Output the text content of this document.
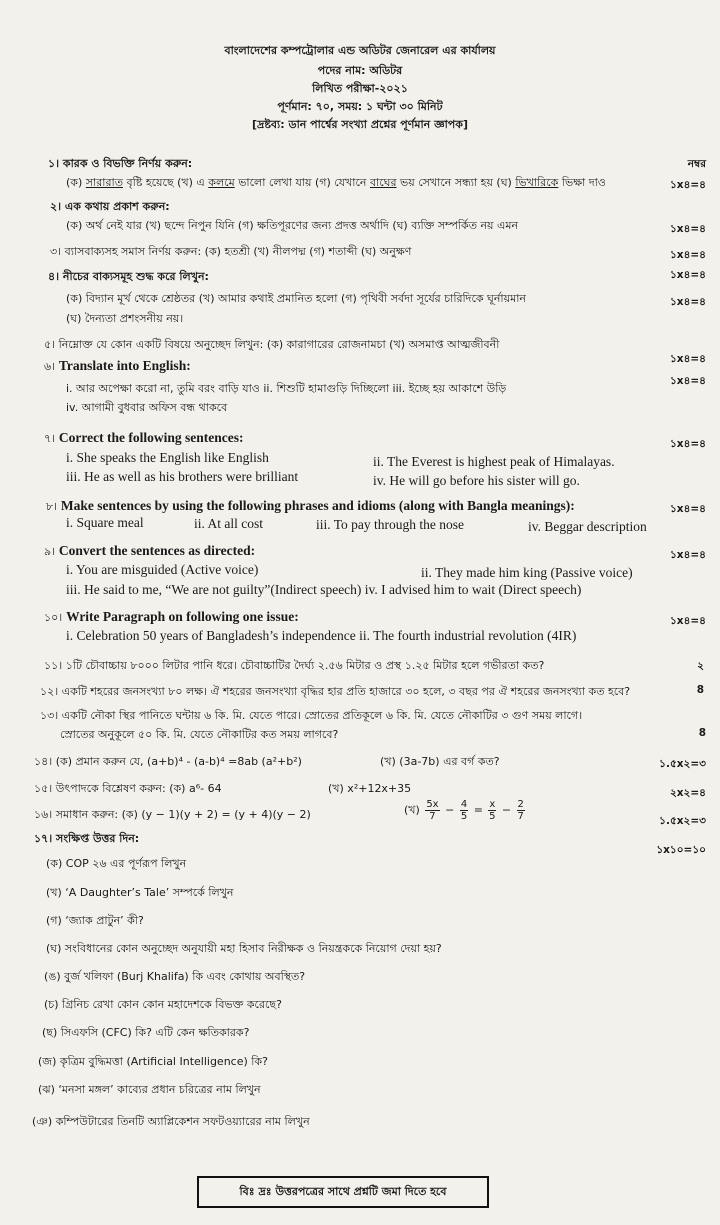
বাংলাদেশের কম্পট্রোলার এন্ড অডিটর জেনারেল এর কার্যালয়
পদের নাম: অডিটর
লিখিত পরীক্ষা-২০২১
পূর্ণমান: ৭০, সময়: ১ ঘন্টা ৩০ মিনিট
[দ্রষ্টব্য: ডান পার্শ্বের সংখ্যা প্রশ্নের পূর্ণমান জ্ঞাপক]
নম্বর
১। কারক ও বিভক্তি নির্ণয় করুন:
(ক) সারারাত বৃষ্টি হয়েছে (খ) এ কলমে ভালো লেখা যায় (গ) যেখানে বাঘের ভয় সেখানে সন্ধ্যা হয় (ঘ) ভিখারিকে ভিক্ষা দাও	১x৪=৪
২। এক কথায় প্রকাশ করুন:
(ক) অর্থ নেই যার (খ) ছন্দে নিপুন যিনি (গ) ক্ষতিপূরণের জন্য প্রদত্ত অর্থাদি (ঘ) ব্যক্তি সম্পর্কিত নয় এমন	১x৪=৪
৩। ব্যাসবাক্যসহ সমাস নির্ণয় করুন: (ক) হতশ্রী (খ) নীলপদ্ম (গ) শতাব্দী (ঘ) অনুক্ষণ	১x৪=৪
৪। নীচের বাক্যসমূহ শুদ্ধ করে লিখুন:	১x৪=৪
(ক) বিদ্যান মূর্খ থেকে শ্রেষ্ঠতর (খ) আমার কথাই প্রমানিত হলো (গ) পৃথিবী সর্বদা সূর্যের চারিদিকে ঘূর্নায়মান
(ঘ) দৈন্যতা প্রশংসনীয় নয়।
১x৪=৪
৫। নিম্নোক্ত যে কোন একটি বিষয়ে অনুচ্ছেদ লিখুন: (ক) কারাগারের রোজনামচা (খ) অসমাপ্ত আত্মজীবনী
১x৪=৪
৬। Translate into English:
i. আর অপেক্ষা করো না, তুমি বরং বাড়ি যাও ii. শিশুটি হামাগুড়ি দিচ্ছিলো iii. ইচ্ছে হয় আকাশে উড়ি
iv. আগামী বুধবার অফিস বন্ধ থাকবে
১x৪=৪
৭। Correct the following sentences:	১x৪=৪
i. She speaks the English like English	ii. The Everest is highest peak of Himalayas.
iii. He as well as his brothers were brilliant	iv. He will go before his sister will go.
৮। Make sentences by using the following phrases and idioms (along with Bangla meanings):	১x৪=৪
i. Square meal	ii. At all cost	iii. To pay through the nose	iv. Beggar description
৯। Convert the sentences as directed:	১x৪=৪
i. You are misguided (Active voice)	ii. They made him king (Passive voice)
iii. He said to me, “We are not guilty”(Indirect speech) iv. I advised him to wait (Direct speech)
১০। Write Paragraph on following one issue:	১x৪=৪
i. Celebration 50 years of Bangladesh’s independence ii. The fourth industrial revolution (4IR)
১১। ১টি চৌবাচ্চায় ৮০০০ লিটার পানি ধরে। চৌবাচ্চাটির দৈর্ঘ্য ২.৫৬ মিটার ও প্রস্থ ১.২৫ মিটার হলে গভীরতা কত?	২
১২। একটি শহরের জনসংখ্যা ৮০ লক্ষ। ঐ শহরের জনসংখ্যা বৃদ্ধির হার প্রতি হাজারে ৩০ হলে, ৩ বছর পর ঐ শহরের জনসংখ্যা কত হবে?	8
১৩। একটি নৌকা স্থির পানিতে ঘন্টায় ৬ কি. মি. যেতে পারে। স্রোতের প্রতিকূলে ৬ কি. মি. যেতে নৌকাটির ৩ গুণ সময় লাগে।
স্রোতের অনুকূলে ৫০ কি. মি. যেতে নৌকাটির কত সময় লাগবে?	8
১৪। (ক) প্রমান করুন যে, (a+b)⁴ - (a-b)⁴ =8ab (a²+b²)	(খ) (3a-7b) এর বর্গ কত?	১.৫x২=৩
১৫। উৎপাদকে বিশ্লেষণ করুন: (ক) a⁶- 64	(খ) x²+12x+35	২x২=৪
১৬। সমাধান করুন: (ক) (y − 1)(y + 2) = (y + 4)(y − 2)	(খ) $\frac{5x}{7} - \frac{4}{5} = \frac{x}{5} - \frac{2}{7}$	১.৫x২=৩
১৭। সংক্ষিপ্ত উত্তর দিন:
১x১০=১০
(ক) COP ২৬ এর পূর্ণরূপ লিখুন
(খ) ‘A Daughter’s Tale’ সম্পর্কে লিখুন
(গ) ‘জ্যাক প্রাটুন’ কী?
(ঘ) সংবিধানের কোন অনুচ্ছেদ অনুযায়ী মহা হিসাব নিরীক্ষক ও নিয়ন্ত্রককে নিয়োগ দেয়া হয়?
(ঙ) বুর্জ খলিফা (Burj Khalifa) কি এবং কোথায় অবস্থিত?
(চ) গ্রিনিচ রেখা কোন কোন মহাদেশকে বিভক্ত করেছে?
(ছ) সিএফসি (CFC) কি? এটি কেন ক্ষতিকারক?
(জ) কৃত্রিম বুদ্ধিমত্তা (Artificial Intelligence) কি?
(ঝ) ‘মনসা মঙ্গল’ কাব্যের প্রধান চরিত্রের নাম লিখুন
(ঞ) কম্পিউটারের তিনটি অ্যাপ্লিকেশন সফটওয়্যারের নাম লিখুন
বিঃ দ্রঃ উত্তরপত্রের সাথে প্রশ্নটি জমা দিতে হবে
